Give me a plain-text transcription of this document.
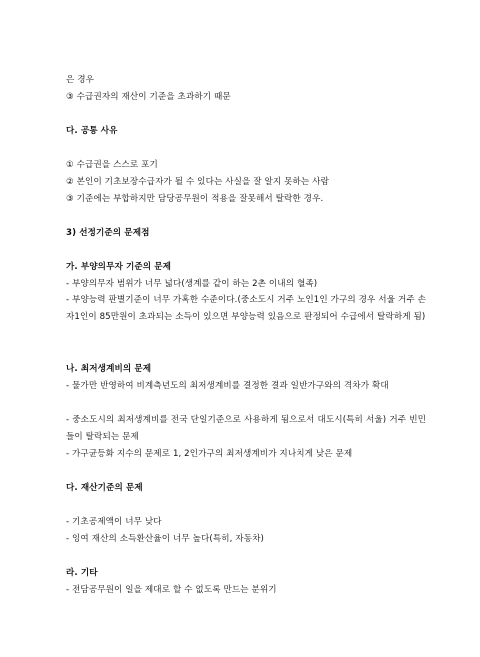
은 경우
③ 수급권자의 재산이 기준을 초과하기 때문
다. 공통 사유
① 수급권을 스스로 포기
② 본인이 기초보장수급자가 될 수 있다는 사실을 잘 알지 못하는 사람
③ 기준에는 부합하지만 담당공무원이 적용을 잘못해서 탈락한 경우.
3) 선정기준의 문제점
가. 부양의무자 기준의 문제
- 부양의무자 범위가 너무 넓다(생계를 같이 하는 2촌 이내의 혈족)
- 부양능력 판별기준이 너무 가혹한 수준이다.(중소도시 거주 노인1인 가구의 경우 서울 거주 손자1인이 85만원이 초과되는 소득이 있으면 부양능력 있음으로 판정되어 수급에서 탈락하게 됨)
나. 최저생계비의 문제
- 물가만 반영하여 비계측년도의 최저생계비를 결정한 결과 일반가구와의 격차가 확대
- 중소도시의 최저생계비를 전국 단일기준으로 사용하게 됨으로서 대도시(특히 서울) 거주 빈민들이 탈락되는 문제
- 가구균등화 지수의 문제로 1, 2인가구의 최저생계비가 지나치게 낮은 문제
다. 재산기준의 문제
- 기초공제액이 너무 낮다
- 잉여 재산의 소득환산율이 너무 높다(특히, 자동차)
라. 기타
- 전담공무원이 일을 제대로 할 수 없도록 만드는 분위기
